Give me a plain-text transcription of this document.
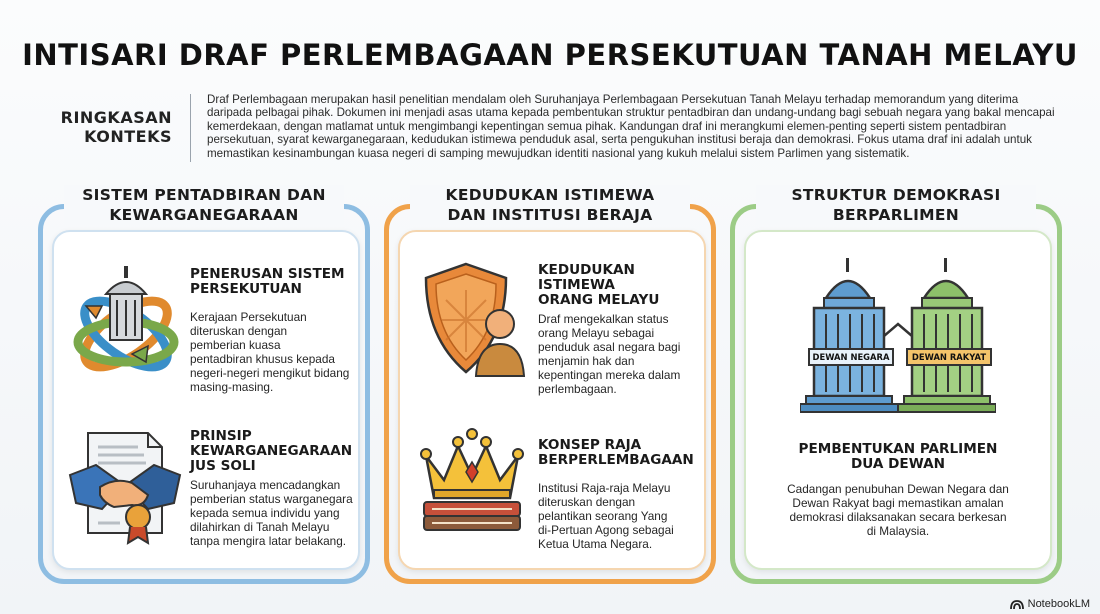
INTISARI DRAF PERLEMBAGAAN PERSEKUTUAN TANAH MELAYU
RINGKASAN
KONTEKS
Draf Perlembagaan merupakan hasil penelitian mendalam oleh Suruhanjaya Perlembagaan Persekutuan Tanah Melayu terhadap memorandum yang diterima daripada pelbagai pihak. Dokumen ini menjadi asas utama kepada pembentukan struktur pentadbiran dan undang-undang bagi sebuah negara yang bakal mencapai kemerdekaan, dengan matlamat untuk mengimbangi kepentingan semua pihak. Kandungan draf ini merangkumi elemen-penting seperti sistem pentadbiran persekutuan, syarat kewarganegaraan, kedudukan istimewa penduduk asal, serta pengukuhan institusi beraja dan demokrasi. Fokus utama draf ini adalah untuk memastikan kesinambungan kuasa negeri di samping mewujudkan identiti nasional yang kukuh melalui sistem Parlimen yang sistematik.
SISTEM PENTADBIRAN DAN
KEWARGANEGARAAN
KEDUDUKAN ISTIMEWA
DAN INSTITUSI BERAJA
STRUKTUR DEMOKRASI
BERPARLIMEN
PENERUSAN SISTEM
PERSEKUTUAN
Kerajaan Persekutuan
diteruskan dengan
pemberian kuasa
pentadbiran khusus kepada
negeri-negeri mengikut bidang
masing-masing.
PRINSIP
KEWARGANEGARAAN
JUS SOLI
Suruhanjaya mencadangkan
pemberian status warganegara
kepada semua individu yang
dilahirkan di Tanah Melayu
tanpa mengira latar belakang.
KEDUDUKAN
ISTIMEWA
ORANG MELAYU
Draf mengekalkan status
orang Melayu sebagai
penduduk asal negara bagi
menjamin hak dan
kepentingan mereka dalam
perlembagaan.
KONSEP RAJA
BERPERLEMBAGAAN
Institusi Raja-raja Melayu
diteruskan dengan
pelantikan seorang Yang
di-Pertuan Agong sebagai
Ketua Utama Negara.
DEWAN NEGARA	DEWAN RAKYAT
PEMBENTUKAN PARLIMEN
DUA DEWAN
Cadangan penubuhan Dewan Negara dan
Dewan Rakyat bagi memastikan amalan
demokrasi dilaksanakan secara berkesan
di Malaysia.
NotebookLM
